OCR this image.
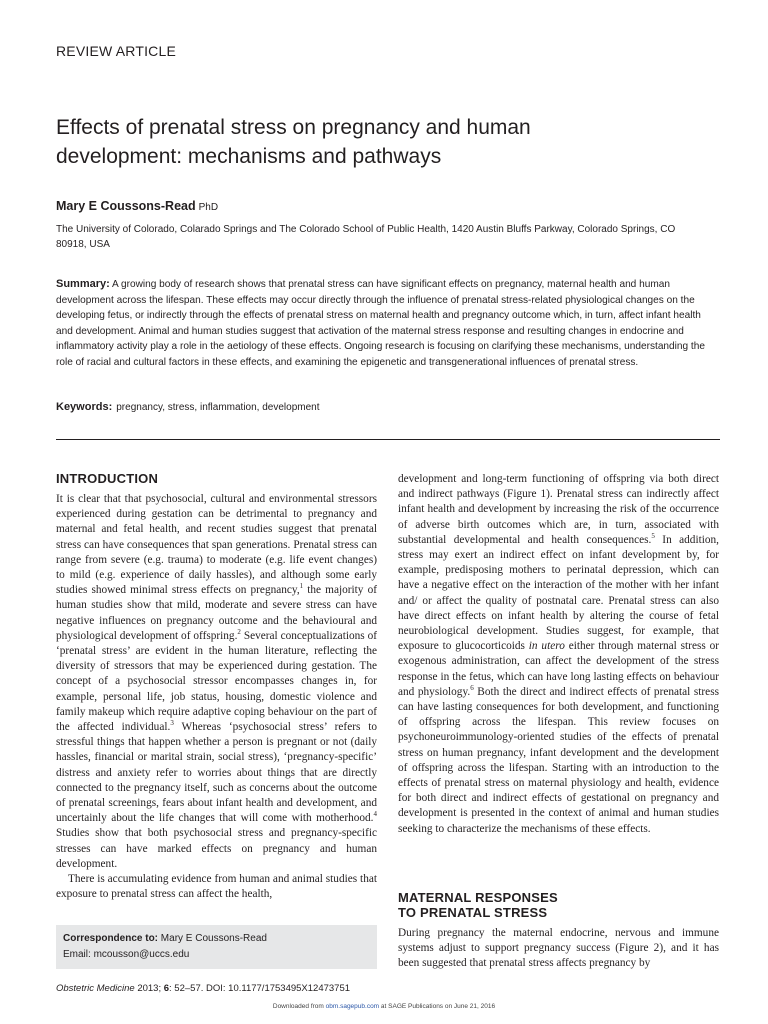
REVIEW ARTICLE
Effects of prenatal stress on pregnancy and human
development: mechanisms and pathways
Mary E Coussons-Read PhD
The University of Colorado, Colarado Springs and The Colorado School of Public Health, 1420 Austin Bluffs Parkway, Colorado Springs, CO 80918, USA
Summary: A growing body of research shows that prenatal stress can have significant effects on pregnancy, maternal health and human development across the lifespan. These effects may occur directly through the influence of prenatal stress-related physiological changes on the developing fetus, or indirectly through the effects of prenatal stress on maternal health and pregnancy outcome which, in turn, affect infant health and development. Animal and human studies suggest that activation of the maternal stress response and resulting changes in endocrine and inflammatory activity play a role in the aetiology of these effects. Ongoing research is focusing on clarifying these mechanisms, understanding the role of racial and cultural factors in these effects, and examining the epigenetic and transgenerational influences of prenatal stress.
Keywords: pregnancy, stress, inflammation, development
INTRODUCTION

It is clear that that psychosocial, cultural and environmental stressors experienced during gestation can be detrimental to pregnancy and maternal and fetal health, and recent studies suggest that prenatal stress can have consequences that span generations. Prenatal stress can range from severe (e.g. trauma) to moderate (e.g. life event changes) to mild (e.g. experience of daily hassles), and although some early studies showed minimal stress effects on pregnancy,$^1$ the majority of human studies show that mild, moderate and severe stress can have negative influences on pregnancy outcome and the behavioural and physiological development of offspring.$^2$ Several conceptualizations of ‘prenatal stress’ are evident in the human literature, reflecting the diversity of stressors that may be experienced during gestation. The concept of a psychosocial stressor encompasses changes in, for example, personal life, job status, housing, domestic violence and family makeup which require adaptive coping behaviour on the part of the affected individual.$^3$ Whereas ‘psychosocial stress’ refers to stressful things that happen whether a person is pregnant or not (daily hassles, financial or marital strain, social stress), ‘pregnancy-specific’ distress and anxiety refer to worries about things that are directly connected to the pregnancy itself, such as concerns about the outcome of prenatal screenings, fears about infant health and development, and uncertainly about the life changes that will come with motherhood.$^4$ Studies show that both psychosocial stress and pregnancy-specific stresses can have marked effects on pregnancy and human development.

There is accumulating evidence from human and animal studies that exposure to prenatal stress can affect the health,

development and long-term functioning of offspring via both direct and indirect pathways (Figure 1). Prenatal stress can indirectly affect infant health and development by increasing the risk of the occurrence of adverse birth outcomes which are, in turn, associated with substantial developmental and health consequences.$^5$ In addition, stress may exert an indirect effect on infant development by, for example, predisposing mothers to perinatal depression, which can have a negative effect on the interaction of the mother with her infant and/ or affect the quality of postnatal care. Prenatal stress can also have direct effects on infant health by altering the course of fetal neurobiological development. Studies suggest, for example, that exposure to glucocorticoids in utero either through maternal stress or exogenous administration, can affect the development of the stress response in the fetus, which can have long lasting effects on behaviour and physiology.$^6$ Both the direct and indirect effects of prenatal stress can have lasting consequences for both development, and functioning of offspring across the lifespan. This review focuses on psychoneuroimmunology-oriented studies of the effects of prenatal stress on human pregnancy, infant development and the development of offspring across the lifespan. Starting with an introduction to the effects of prenatal stress on maternal physiology and health, evidence for both direct and indirect effects of gestational on pregnancy and development is presented in the context of animal and human studies seeking to characterize the mechanisms of these effects.

MATERNAL RESPONSES
TO PRENATAL STRESS

During pregnancy the maternal endocrine, nervous and immune systems adjust to support pregnancy success (Figure 2), and it has been suggested that prenatal stress affects pregnancy by

Correspondence to: Mary E Coussons-Read
Email: mcousson@uccs.edu
Obstetric Medicine 2013; 6: 52–57. DOI: 10.1177/1753495X12473751
Downloaded from obm.sagepub.com at SAGE Publications on June 21, 2016
